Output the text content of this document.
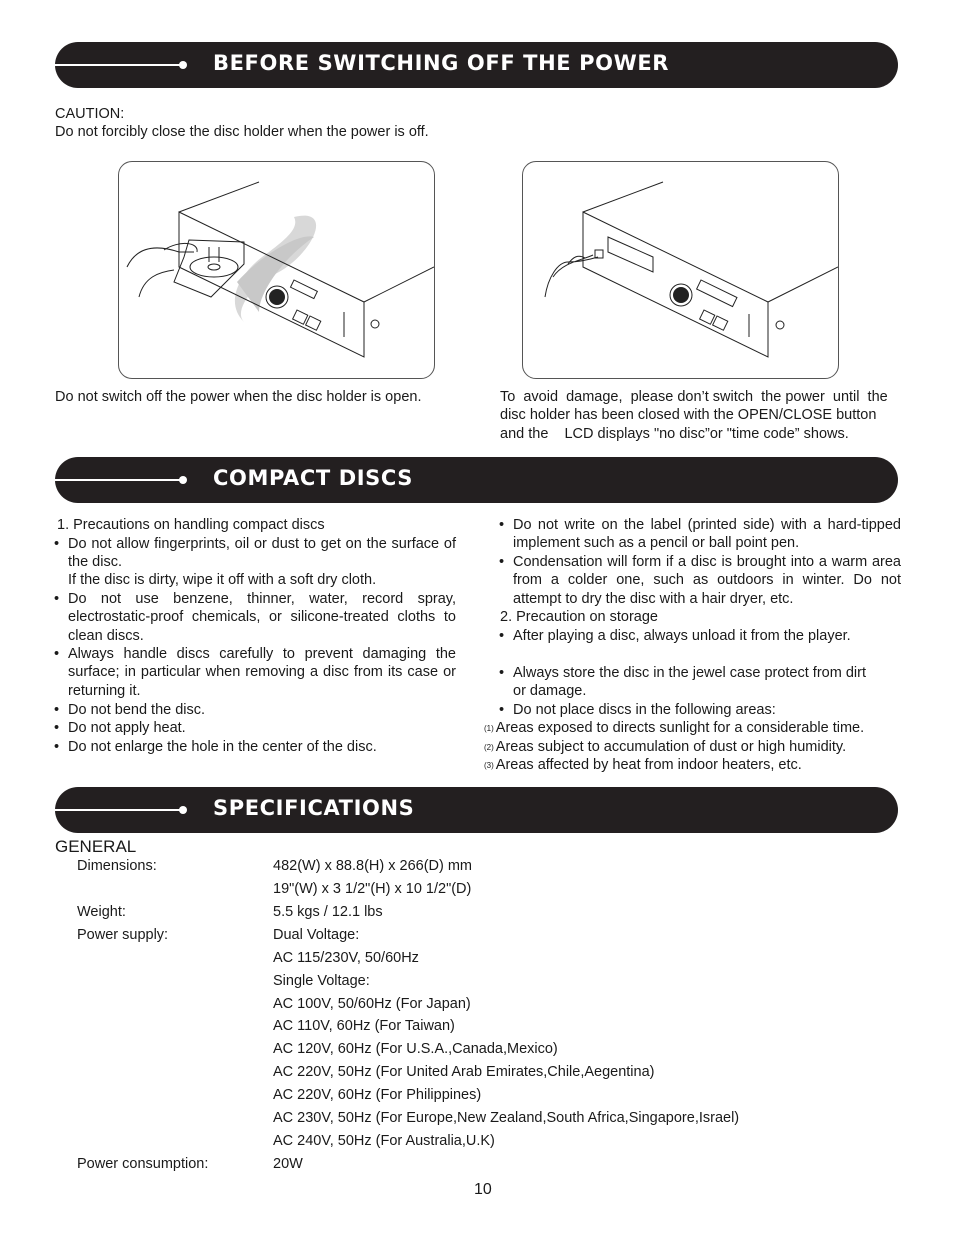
BEFORE SWITCHING OFF THE POWER
CAUTION:
Do not forcibly close the disc holder when the power is off.
Do not switch off the power when the disc holder is open.	To  avoid  damage,  please don’t switch  the power  until  the
disc holder has been closed with the OPEN/CLOSE button
and the    LCD displays "no disc”or "time code” shows.
COMPACT DISCS
1. Precautions on handling compact discs
• Do not allow fingerprints, oil or dust to get on the surface of the disc.
If the disc is dirty, wipe it off with a soft dry cloth.
• Do not use benzene, thinner, water, record spray, electrostatic-proof chemicals, or silicone-treated cloths to clean discs.
• Always handle discs carefully to prevent damaging the surface; in particular when removing a disc from its case or returning it.
• Do not bend the disc.
• Do not apply heat.
• Do not enlarge the hole in the center of the disc.
• Do not write on the label (printed side) with a hard-tipped implement such as a pencil or ball point pen.
• Condensation will form if a disc is brought into a warm area from a colder one, such as outdoors in winter. Do not attempt to dry the disc with a hair dryer, etc.
2. Precaution on storage
• After playing a disc, always unload it from the player.
• Always store the disc in the jewel case protect from dirt or damage.
• Do not place discs in the following areas:
(1) Areas exposed to directs sunlight for a considerable time.
(2) Areas subject to accumulation of dust or high humidity.
(3) Areas affected by heat from indoor heaters, etc.
SPECIFICATIONS
GENERAL
Dimensions:	482(W) x 88.8(H) x 266(D) mm
19"(W) x 3 1/2"(H) x 10 1/2"(D)
Weight:	5.5 kgs / 12.1 lbs
Power supply:	Dual Voltage:
AC 115/230V, 50/60Hz
Single Voltage:
AC 100V, 50/60Hz (For Japan)
AC 110V, 60Hz (For Taiwan)
AC 120V, 60Hz (For U.S.A.,Canada,Mexico)
AC 220V, 50Hz (For United Arab Emirates,Chile,Aegentina)
AC 220V, 60Hz (For Philippines)
AC 230V, 50Hz (For Europe,New Zealand,South Africa,Singapore,Israel)
AC 240V, 50Hz (For Australia,U.K)
Power consumption:	20W
10
